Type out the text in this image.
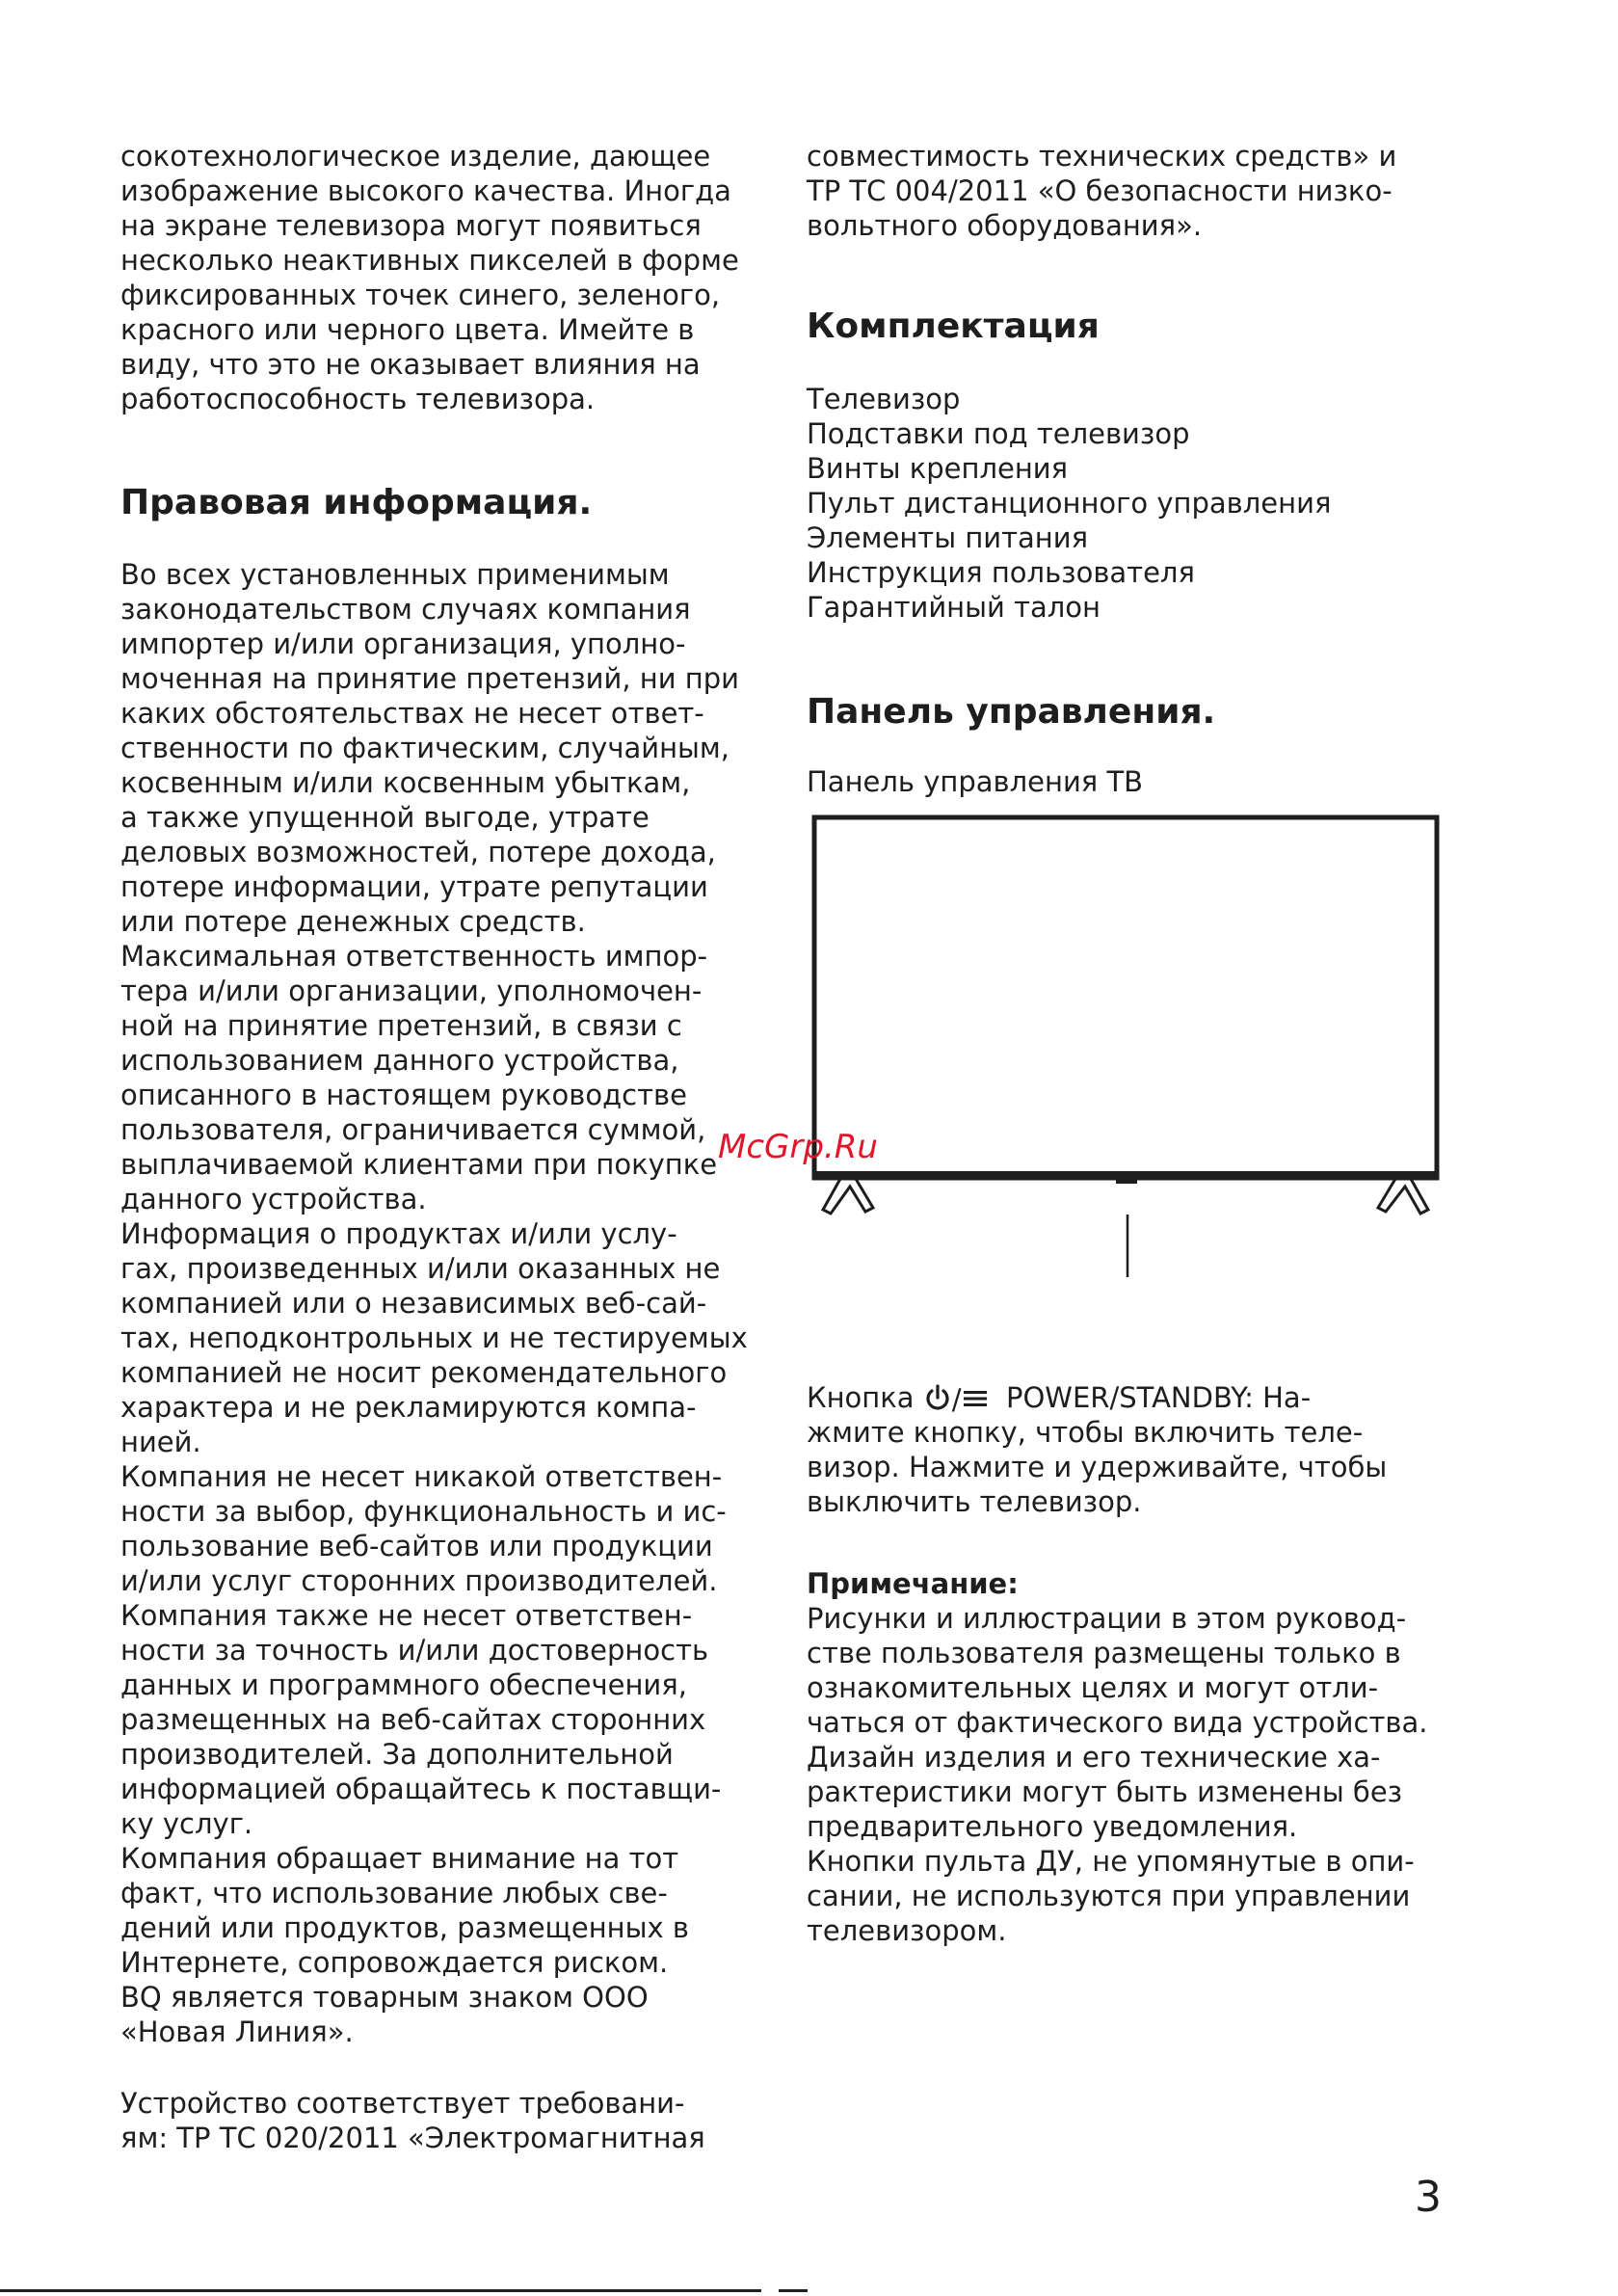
сокотехнологическое изделие, дающее
изображение высокого качества. Иногда
на экране телевизора могут появиться
несколько неактивных пикселей в форме
фиксированных точек синего, зеленого,
красного или черного цвета. Имейте в
виду, что это не оказывает влияния на
работоспособность телевизора.
Правовая информация.
Во всех установленных применимым
законодательством случаях компания
импортер и/или организация, уполно-
моченная на принятие претензий, ни при
каких обстоятельствах не несет ответ-
ственности по фактическим, случайным,
косвенным и/или косвенным убыткам,
а также упущенной выгоде, утрате
деловых возможностей, потере дохода,
потере информации, утрате репутации
или потере денежных средств.
Максимальная ответственность импор-
тера и/или организации, уполномочен-
ной на принятие претензий, в связи с
использованием данного устройства,
описанного в настоящем руководстве
пользователя, ограничивается суммой,
выплачиваемой клиентами при покупке
данного устройства.
Информация о продуктах и/или услу-
гах, произведенных и/или оказанных не
компанией или о независимых веб-сай-
тах, неподконтрольных и не тестируемых
компанией не носит рекомендательного
характера и не рекламируются компа-
нией.
Компания не несет никакой ответствен-
ности за выбор, функциональность и ис-
пользование веб-сайтов или продукции
и/или услуг сторонних производителей.
Компания также не несет ответствен-
ности за точность и/или достоверность
данных и программного обеспечения,
размещенных на веб-сайтах сторонних
производителей. За дополнительной
информацией обращайтесь к поставщи-
ку услуг.
Компания обращает внимание на тот
факт, что использование любых све-
дений или продуктов, размещенных в
Интернете, сопровождается риском.
BQ является товарным знаком ООО
«Новая Линия».
Устройство соответствует требовани-
ям: ТР ТС 020/2011 «Электромагнитная
совместимость технических средств» и
ТР ТС 004/2011 «О безопасности низко-
вольтного оборудования».
Комплектация
Телевизор
Подставки под телевизор
Винты крепления
Пульт дистанционного управления
Элементы питания
Инструкция пользователя
Гарантийный талон
Панель управления.
Панель управления ТВ
Кнопка / POWER/STANDBY: На-
жмите кнопку, чтобы включить теле-
визор. Нажмите и удерживайте, чтобы
выключить телевизор.
Примечание:
Рисунки и иллюстрации в этом руковод-
стве пользователя размещены только в
ознакомительных целях и могут отли-
чаться от фактического вида устройства.
Дизайн изделия и его технические ха-
рактеристики могут быть изменены без
предварительного уведомления.
Кнопки пульта ДУ, не упомянутые в опи-
сании, не используются при управлении
телевизором.
McGrp.Ru
3
